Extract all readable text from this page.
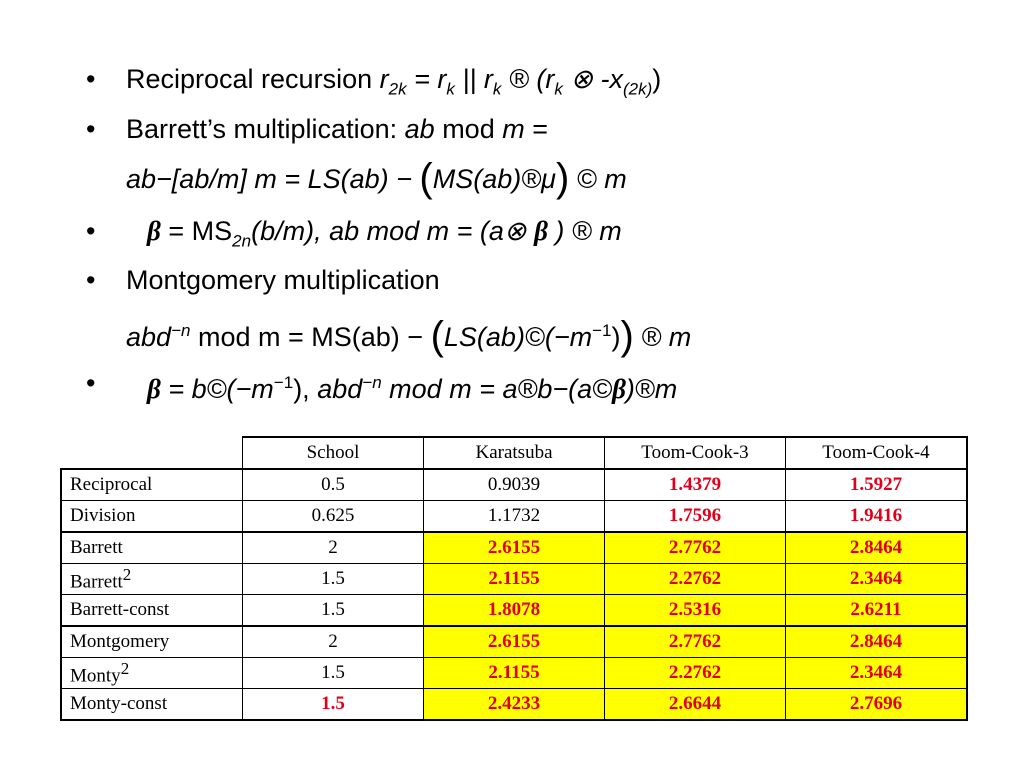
• Reciprocal recursion $r_{2k} = r_k$ || $r_k$ ® ($r_k$ ⊗ $-x_{(2k)}$)
• Barrett’s multiplication: ab mod m =
ab−[ab/m] m = LS(ab) − (MS(ab)®μ) © m
• $\beta = MS_{2n}(b/m)$, ab mod m = (a⊗ β ) ® m
• Montgomery multiplication
abd$^{-n}$ mod $m = MS(ab) - (LS(ab)©(-m^{-1}))$ ® m
• $\beta = b©(-m^{-1})$, abd$^{-n}$ mod m = a®b−(a©β)®m
	School	Karatsuba	Toom-Cook-3	Toom-Cook-4
Reciprocal	0.5	0.9039	1.4379	1.5927
Division	0.625	1.1732	1.7596	1.9416
Barrett	2	2.6155	2.7762	2.8464
Barrett$^2$	1.5	2.1155	2.2762	2.3464
Barrett-const	1.5	1.8078	2.5316	2.6211
Montgomery	2	2.6155	2.7762	2.8464
Monty$^2$	1.5	2.1155	2.2762	2.3464
Monty-const	1.5	2.4233	2.6644	2.7696
